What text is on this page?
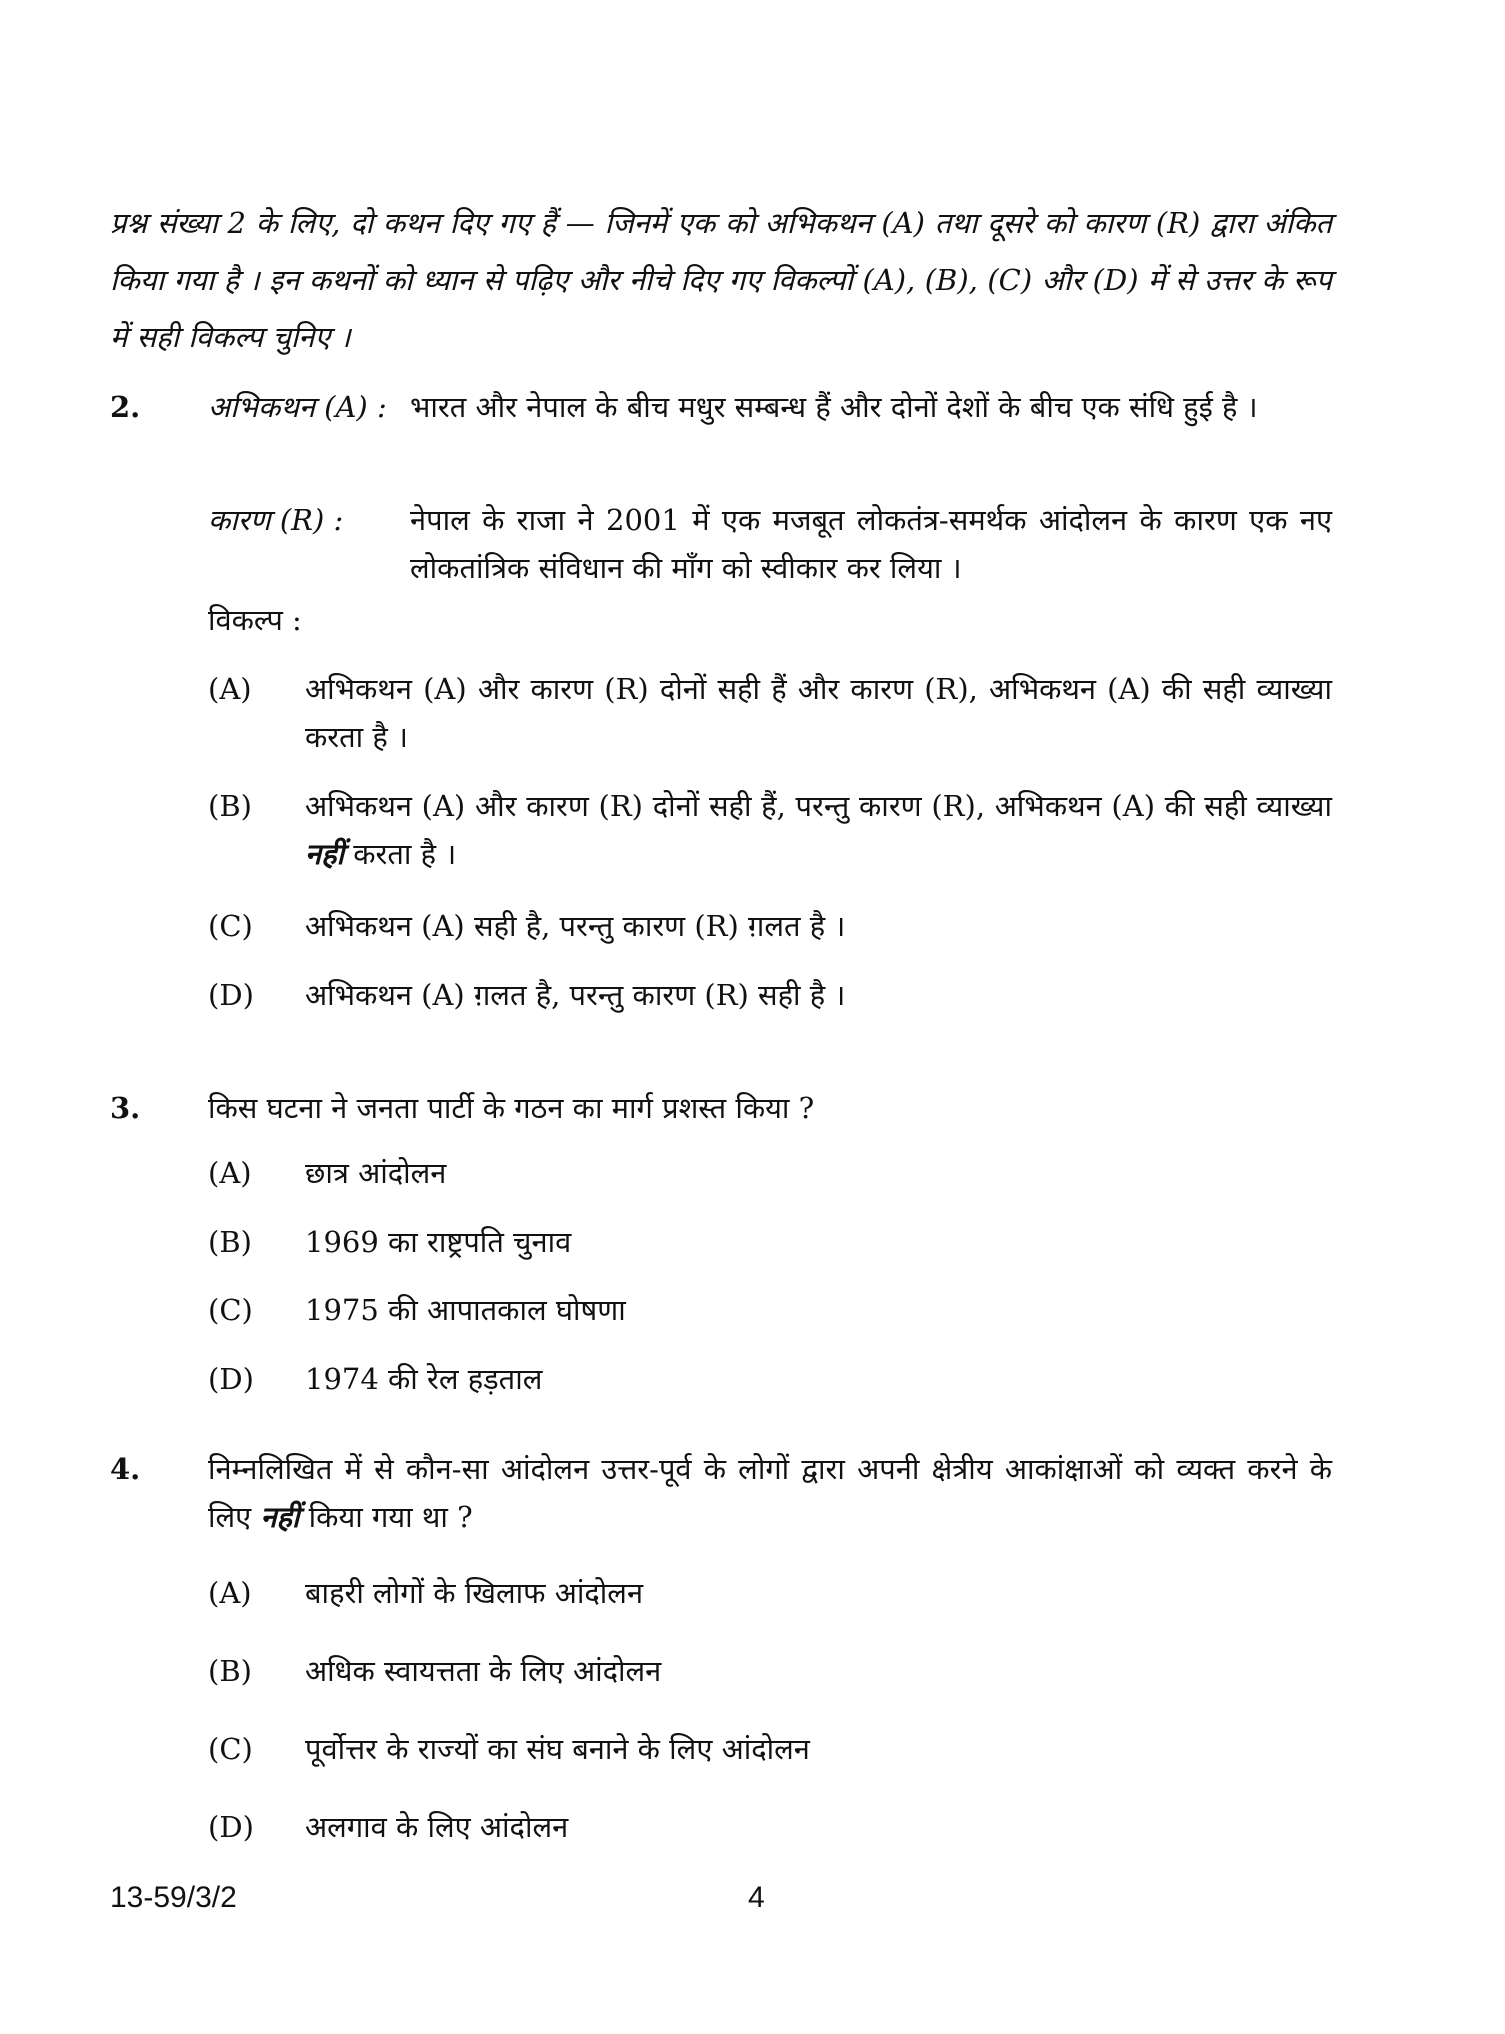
प्रश्न संख्या 2 के लिए, दो कथन दिए गए हैं — जिनमें एक को अभिकथन (A) तथा दूसरे को कारण (R) द्वारा अंकित किया गया है । इन कथनों को ध्यान से पढ़िए और नीचे दिए गए विकल्पों (A), (B), (C) और (D) में से उत्तर के रूप में सही विकल्प चुनिए ।
2. अभिकथन (A) : भारत और नेपाल के बीच मधुर सम्बन्ध हैं और दोनों देशों के बीच एक संधि हुई है ।
कारण (R) : नेपाल के राजा ने 2001 में एक मजबूत लोकतंत्र-समर्थक आंदोलन के कारण एक नए लोकतांत्रिक संविधान की माँग को स्वीकार कर लिया ।
विकल्प :
(A) अभिकथन (A) और कारण (R) दोनों सही हैं और कारण (R), अभिकथन (A) की सही व्याख्या करता है ।
(B) अभिकथन (A) और कारण (R) दोनों सही हैं, परन्तु कारण (R), अभिकथन (A) की सही व्याख्या नहीं करता है ।
(C) अभिकथन (A) सही है, परन्तु कारण (R) ग़लत है ।
(D) अभिकथन (A) ग़लत है, परन्तु कारण (R) सही है ।
3. किस घटना ने जनता पार्टी के गठन का मार्ग प्रशस्त किया ?
(A) छात्र आंदोलन
(B) 1969 का राष्ट्रपति चुनाव
(C) 1975 की आपातकाल घोषणा
(D) 1974 की रेल हड़ताल
4. निम्नलिखित में से कौन-सा आंदोलन उत्तर-पूर्व के लोगों द्वारा अपनी क्षेत्रीय आकांक्षाओं को व्यक्त करने के लिए नहीं किया गया था ?
(A) बाहरी लोगों के खिलाफ आंदोलन
(B) अधिक स्वायत्तता के लिए आंदोलन
(C) पूर्वोत्तर के राज्यों का संघ बनाने के लिए आंदोलन
(D) अलगाव के लिए आंदोलन
13-59/3/2	4
